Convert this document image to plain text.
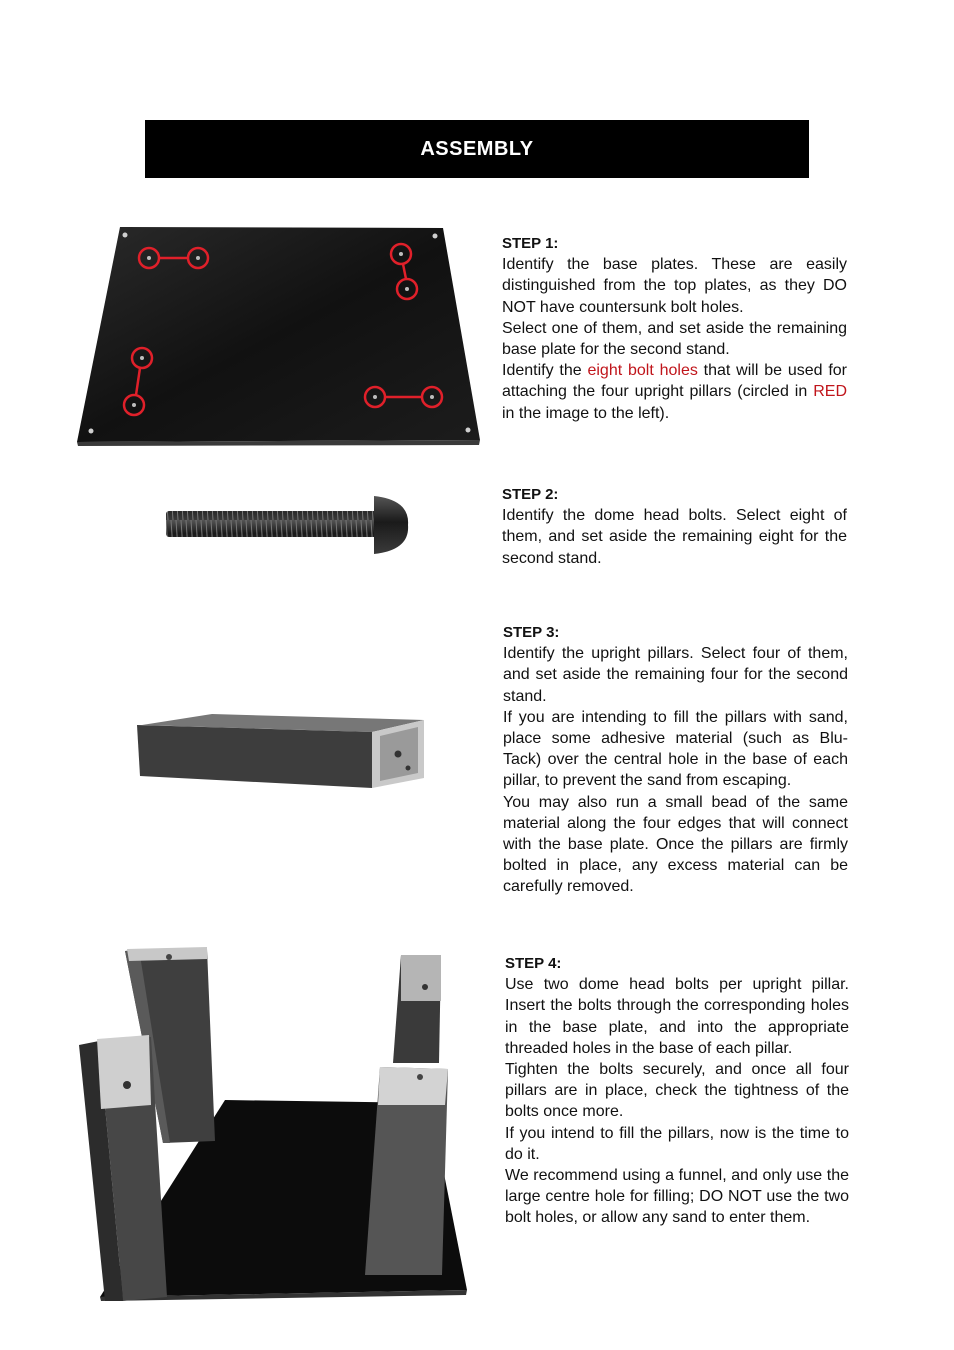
ASSEMBLY

STEP 1:

Identify the base plates. These are easily distinguished from the top plates, as they DO NOT have countersunk bolt holes.

Select one of them, and set aside the remaining base plate for the second stand.

Identify the eight bolt holes that will be used for attaching the four upright pillars (circled in RED in the image to the left).

STEP 2:

Identify the dome head bolts. Select eight of them, and set aside the remaining eight for the second stand.

STEP 3:

Identify the upright pillars. Select four of them, and set aside the remaining four for the second stand.

If you are intending to fill the pillars with sand, place some adhesive material (such as Blu-Tack) over the central hole in the base of each pillar, to prevent the sand from escaping.

You may also run a small bead of the same material along the four edges that will connect with the base plate. Once the pillars are firmly bolted in place, any excess material can be carefully removed.

STEP 4:

Use two dome head bolts per upright pillar. Insert the bolts through the corresponding holes in the base plate, and into the appropriate threaded holes in the base of each pillar.

Tighten the bolts securely, and once all four pillars are in place, check the tightness of the bolts once more.

If you intend to fill the pillars, now is the time to do it.

We recommend using a funnel, and only use the large centre hole for filling; DO NOT use the two bolt holes, or allow any sand to enter them.
